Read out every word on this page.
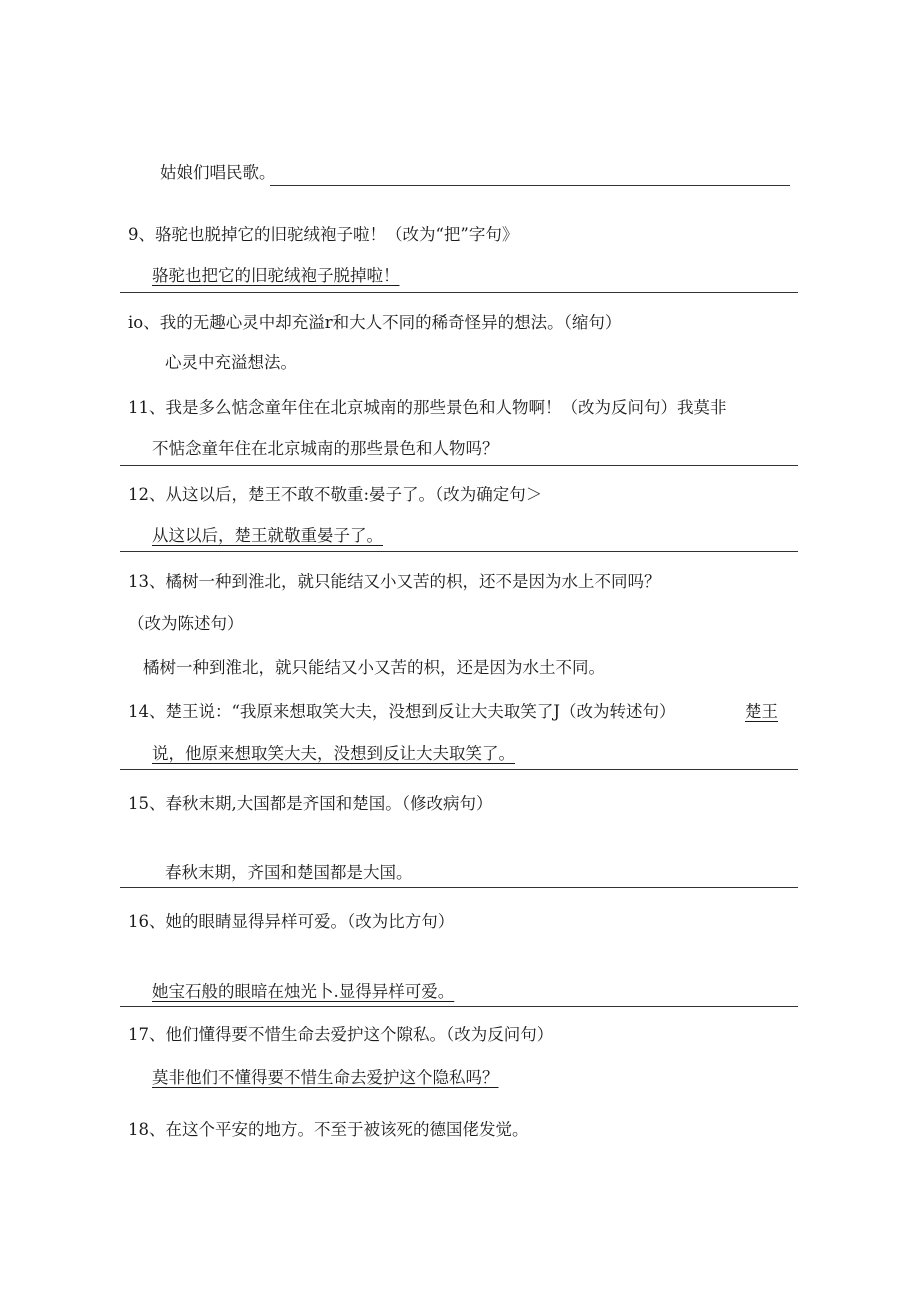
姑娘们唱民歌。
9、骆驼也脱掉它的旧驼绒袍子啦！（改为“把”字句》
骆驼也把它的旧驼绒袍子脱掉啦！
io、我的无趣心灵中却充溢r和大人不同的稀奇怪异的想法。（缩句）
心灵中充溢想法。
11、我是多么惦念童年住在北京城南的那些景色和人物啊！（改为反问句）我莫非
不惦念童年住在北京城南的那些景色和人物吗？
12、从这以后，楚王不敢不敬重:晏子了。（改为确定句＞
从这以后，楚王就敬重晏子了。
13、橘树一种到淮北，就只能结又小又苦的枳，还不是因为水上不同吗？
（改为陈述句）
橘树一种到淮北，就只能结又小又苦的枳，还是因为水土不同。
14、楚王说：“我原来想取笑大夫，没想到反让大夫取笑了J（改为转述句）	楚王
说，他原来想取笑大夫，没想到反让大夫取笑了。
15、春秋末期,大国都是齐国和楚国。（修改病句）
春秋末期，齐国和楚国都是大国。
16、她的眼睛显得异样可爱。（改为比方句）
她宝石般的眼暗在烛光卜.显得异样可爱。
17、他们懂得要不惜生命去爱护这个隙私。（改为反问句）
莫非他们不懂得要不惜生命去爱护这个隐私吗？
18、在这个平安的地方。不至于被该死的德国佬发觉。
